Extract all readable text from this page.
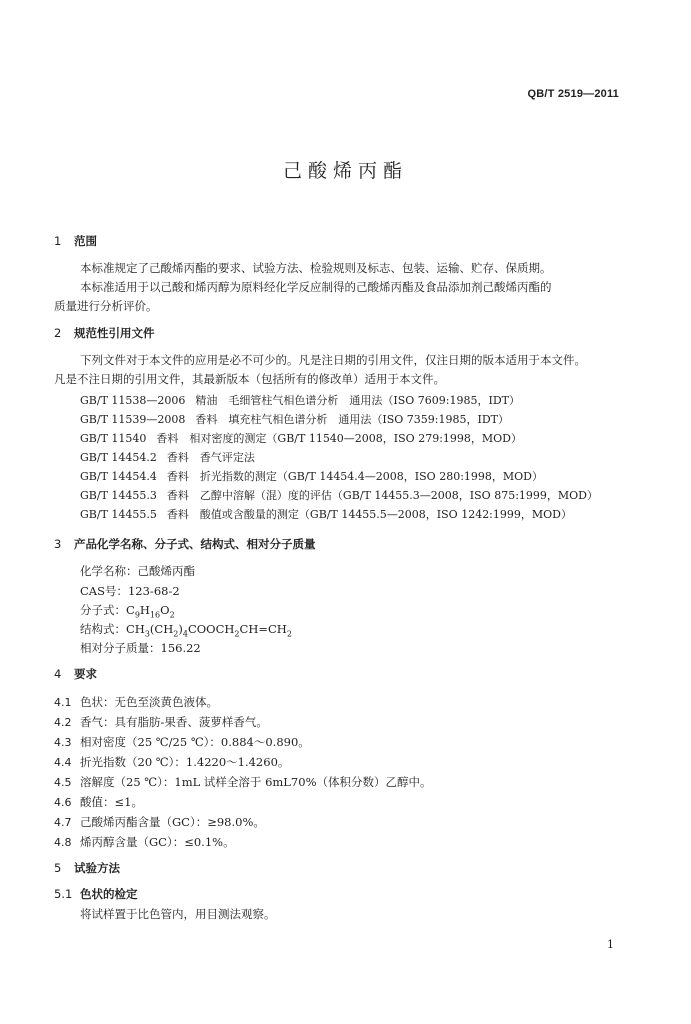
QB/T 2519—2011
己酸烯丙酯
1 范围
本标准规定了己酸烯丙酯的要求、试验方法、检验规则及标志、包装、运输、贮存、保质期。
本标准适用于以己酸和烯丙醇为原料经化学反应制得的己酸烯丙酯及食品添加剂己酸烯丙酯的
质量进行分析评价。
2 规范性引用文件
下列文件对于本文件的应用是必不可少的。凡是注日期的引用文件，仅注日期的版本适用于本文件。
凡是不注日期的引用文件，其最新版本（包括所有的修改单）适用于本文件。
GB/T 11538—2006 精油　毛细管柱气相色谱分析　通用法（ISO 7609:1985，IDT）
GB/T 11539—2008 香料　填充柱气相色谱分析　通用法（ISO 7359:1985，IDT）
GB/T 11540 香料　相对密度的测定（GB/T 11540—2008，ISO 279:1998，MOD）
GB/T 14454.2 香料　香气评定法
GB/T 14454.4 香料　折光指数的测定（GB/T 14454.4—2008，ISO 280:1998，MOD）
GB/T 14455.3 香料　乙醇中溶解（混）度的评估（GB/T 14455.3—2008，ISO 875:1999，MOD）
GB/T 14455.5 香料　酸值或含酸量的测定（GB/T 14455.5—2008，ISO 1242:1999，MOD）
3 产品化学名称、分子式、结构式、相对分子质量
化学名称：己酸烯丙酯
CAS号：123-68-2
分子式：$C_9H_{16}O_2$
结构式：$CH_3(CH_2)_4COOCH_2CH=CH_2$
相对分子质量：156.22
4 要求
4.1 色状：无色至淡黄色液体。
4.2 香气：具有脂肪-果香、菠萝样香气。
4.3 相对密度（25 ℃/25 ℃）：0.884～0.890。
4.4 折光指数（20 ℃）：1.4220～1.4260。
4.5 溶解度（25 ℃）：1mL 试样全溶于 6mL70%（体积分数）乙醇中。
4.6 酸值：≤1。
4.7 己酸烯丙酯含量（GC）：≥98.0%。
4.8 烯丙醇含量（GC）：≤0.1%。
5 试验方法
5.1 色状的检定
将试样置于比色管内，用目测法观察。
1
